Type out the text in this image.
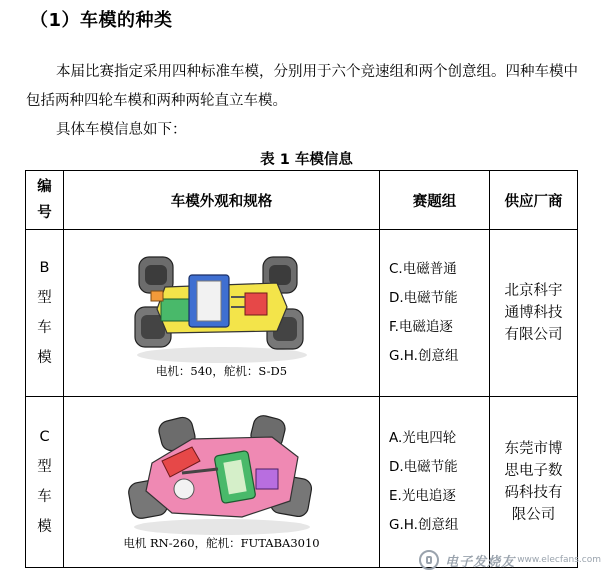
（1）车模的种类
本届比赛指定采用四种标准车模，分别用于六个竞速组和两个创意组。四种车模中包括两种四轮车模和两种两轮直立车模。
具体车模信息如下：
表 1 车模信息
编号	车模外观和规格	赛题组	供应厂商
B型车模	电机：540，舵机：S-D5	C.电磁普通
D.电磁节能
F.电磁追逐
G.H.创意组	北京科宇通博科技有限公司
C型车模	电机 RN-260，舵机：FUTABA3010	A.光电四轮
D.电磁节能
E.光电追逐
G.H.创意组	东莞市博思电子数码科技有限公司
电子发烧友 www.elecfans.com
